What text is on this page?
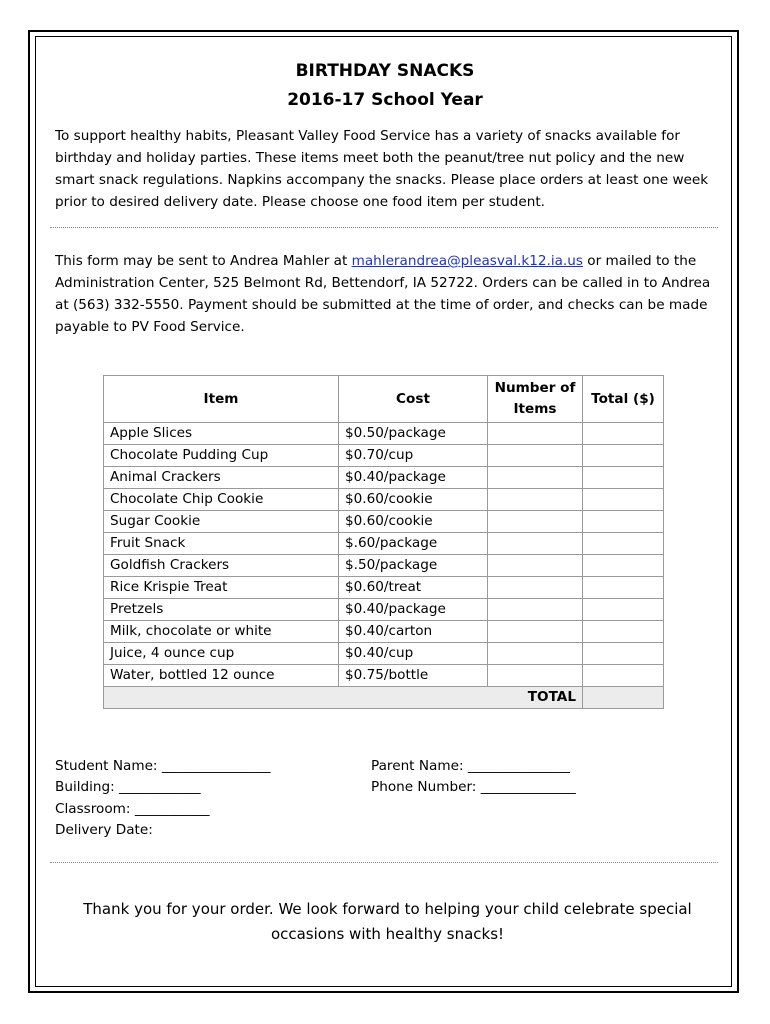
BIRTHDAY SNACKS
2016-17 School Year

To support healthy habits, Pleasant Valley Food Service has a variety of snacks available for birthday and holiday parties. These items meet both the peanut/tree nut policy and the new smart snack regulations. Napkins accompany the snacks. Please place orders at least one week prior to desired delivery date. Please choose one food item per student.

This form may be sent to Andrea Mahler at mahlerandrea@pleasval.k12.ia.us or mailed to the Administration Center, 525 Belmont Rd, Bettendorf, IA 52722. Orders can be called in to Andrea at (563) 332-5550. Payment should be submitted at the time of order, and checks can be made payable to PV Food Service.

Item	Cost	Number of Items	Total ($)
Apple Slices	$0.50/package		
Chocolate Pudding Cup	$0.70/cup		
Animal Crackers	$0.40/package		
Chocolate Chip Cookie	$0.60/cookie		
Sugar Cookie	$0.60/cookie		
Fruit Snack	$.60/package		
Goldfish Crackers	$.50/package		
Rice Krispie Treat	$0.60/treat		
Pretzels	$0.40/package		
Milk, chocolate or white	$0.40/carton		
Juice, 4 ounce cup	$0.40/cup		
Water, bottled 12 ounce	$0.75/bottle		
TOTAL			
Student Name: ________________
Building: ____________
Classroom: ___________
Delivery Date:
Parent Name: _______________
Phone Number: ______________
Thank you for your order. We look forward to helping your child celebrate special
occasions with healthy snacks!
